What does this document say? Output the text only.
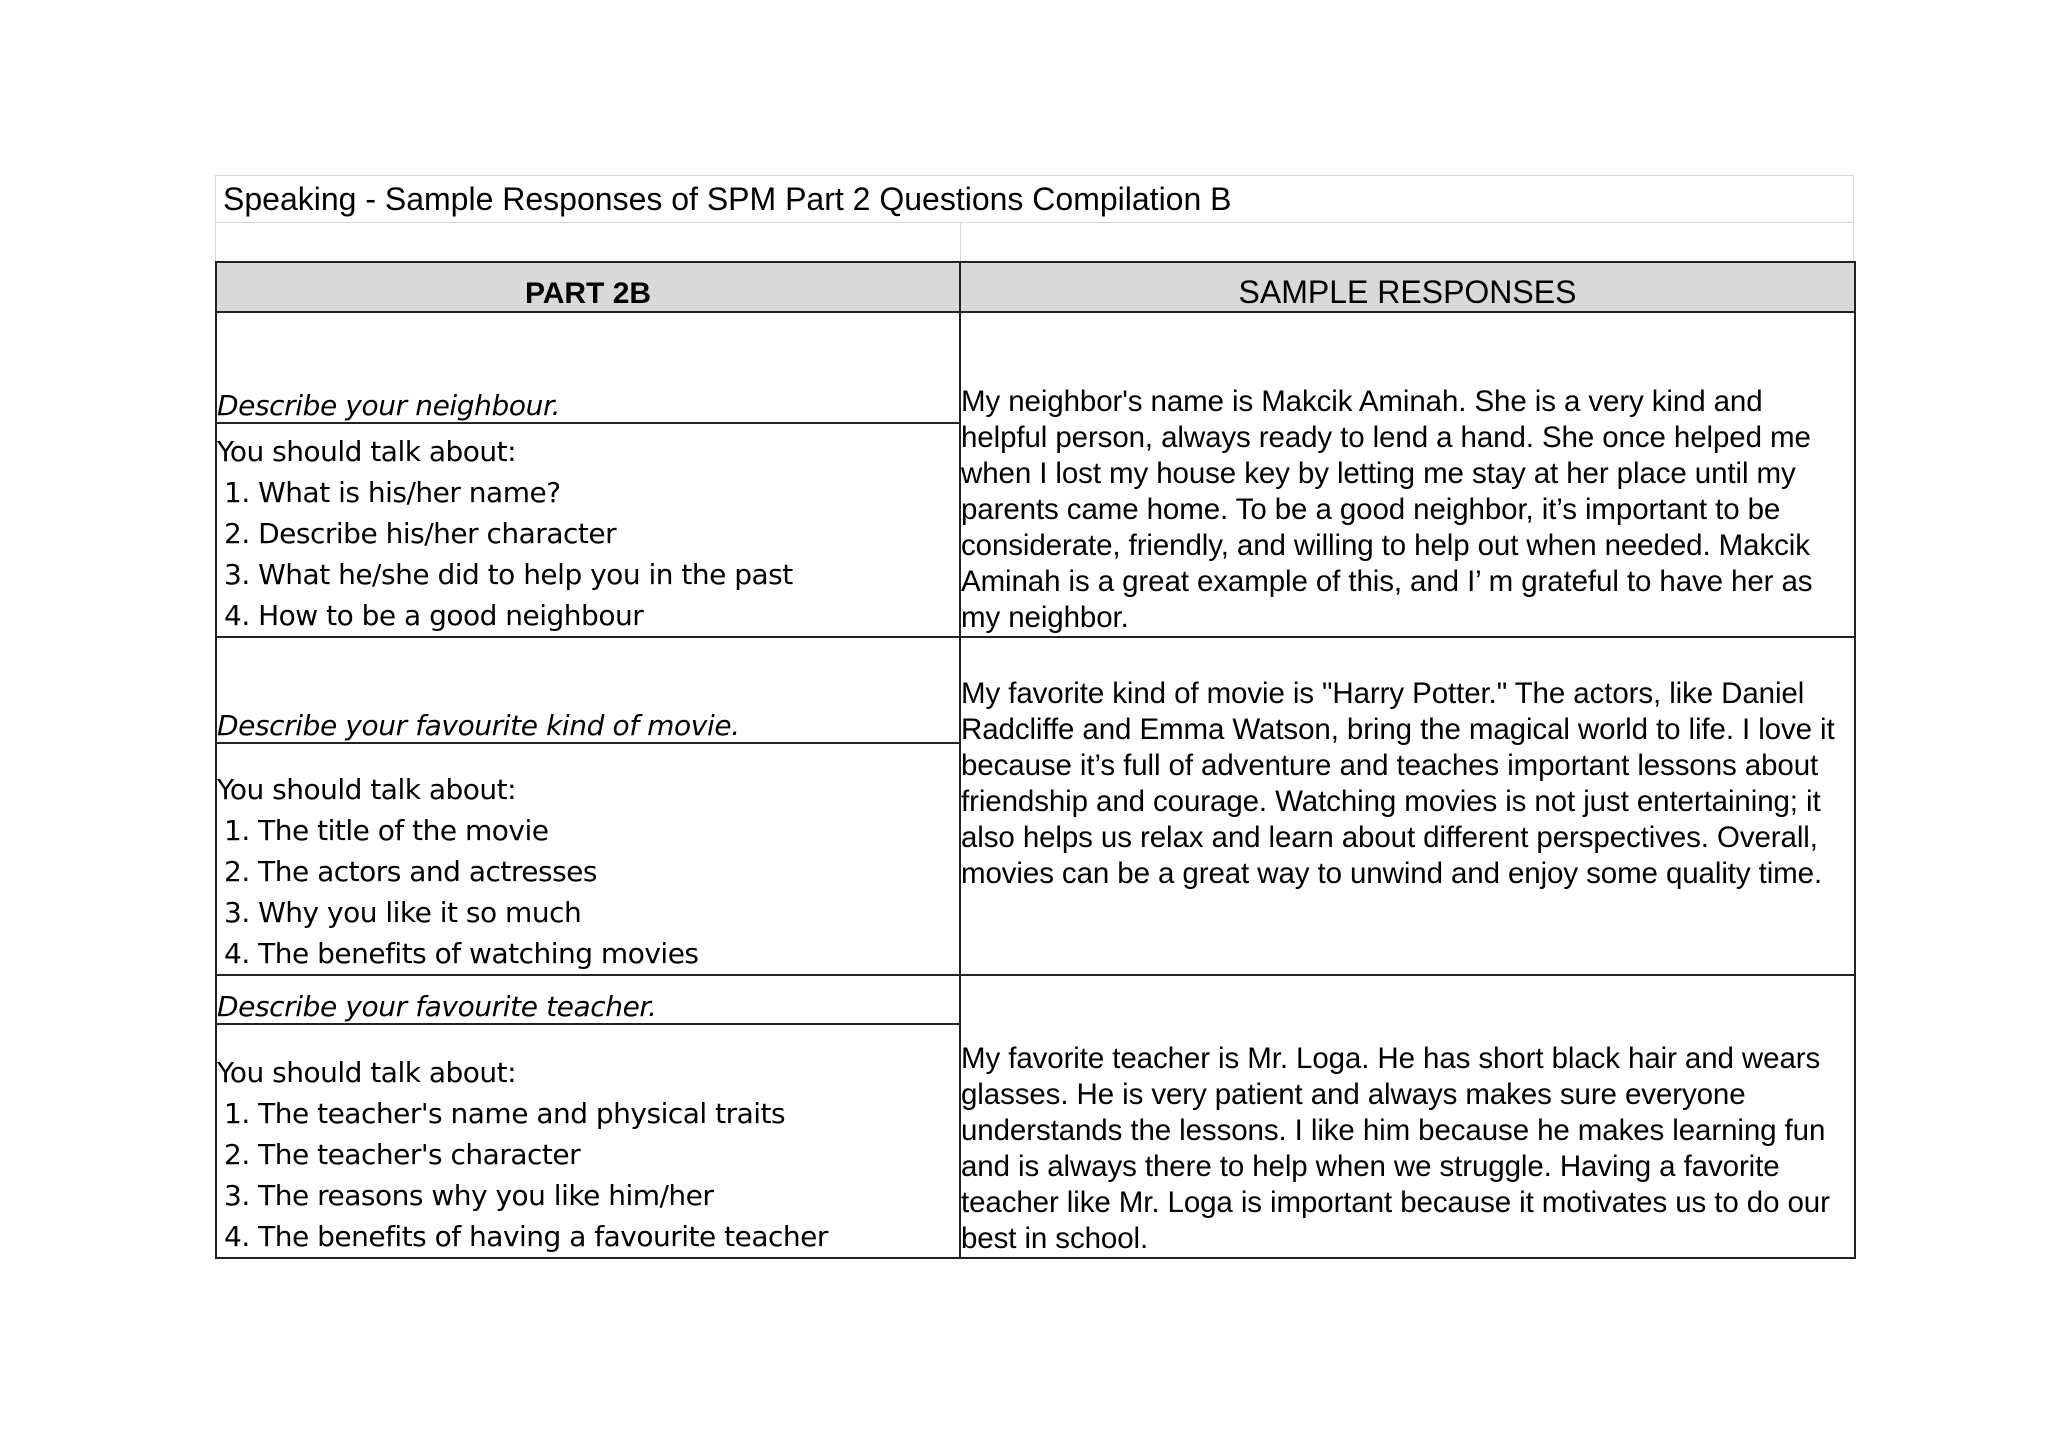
Speaking - Sample Responses of SPM Part 2 Questions Compilation B
PART 2B	SAMPLE RESPONSES
Describe your neighbour.	My neighbor's name is Makcik Aminah. She is a very kind and helpful person, always ready to lend a hand. She once helped me when I lost my house key by letting me stay at her place until my parents came home. To be a good neighbor, it’s important to be considerate, friendly, and willing to help out when needed. Makcik Aminah is a great example of this, and I’ m grateful to have her as my neighbor.

You should talk about:
1. What is his/her name?
2. Describe his/her character
3. What he/she did to help you in the past
4. How to be a good neighbour	

Describe your favourite kind of movie.	My favorite kind of movie is "Harry Potter." The actors, like Daniel Radcliffe and Emma Watson, bring the magical world to life. I love it because it’s full of adventure and teaches important lessons about friendship and courage. Watching movies is not just entertaining; it also helps us relax and learn about different perspectives. Overall, movies can be a great way to unwind and enjoy some quality time.

You should talk about:
1. The title of the movie
2. The actors and actresses
3. Why you like it so much
4. The benefits of watching movies	

Describe your favourite teacher.	My favorite teacher is Mr. Loga. He has short black hair and wears glasses. He is very patient and always makes sure everyone understands the lessons. I like him because he makes learning fun and is always there to help when we struggle. Having a favorite teacher like Mr. Loga is important because it motivates us to do our best in school.

You should talk about:
1. The teacher's name and physical traits
2. The teacher's character
3. The reasons why you like him/her
4. The benefits of having a favourite teacher	
